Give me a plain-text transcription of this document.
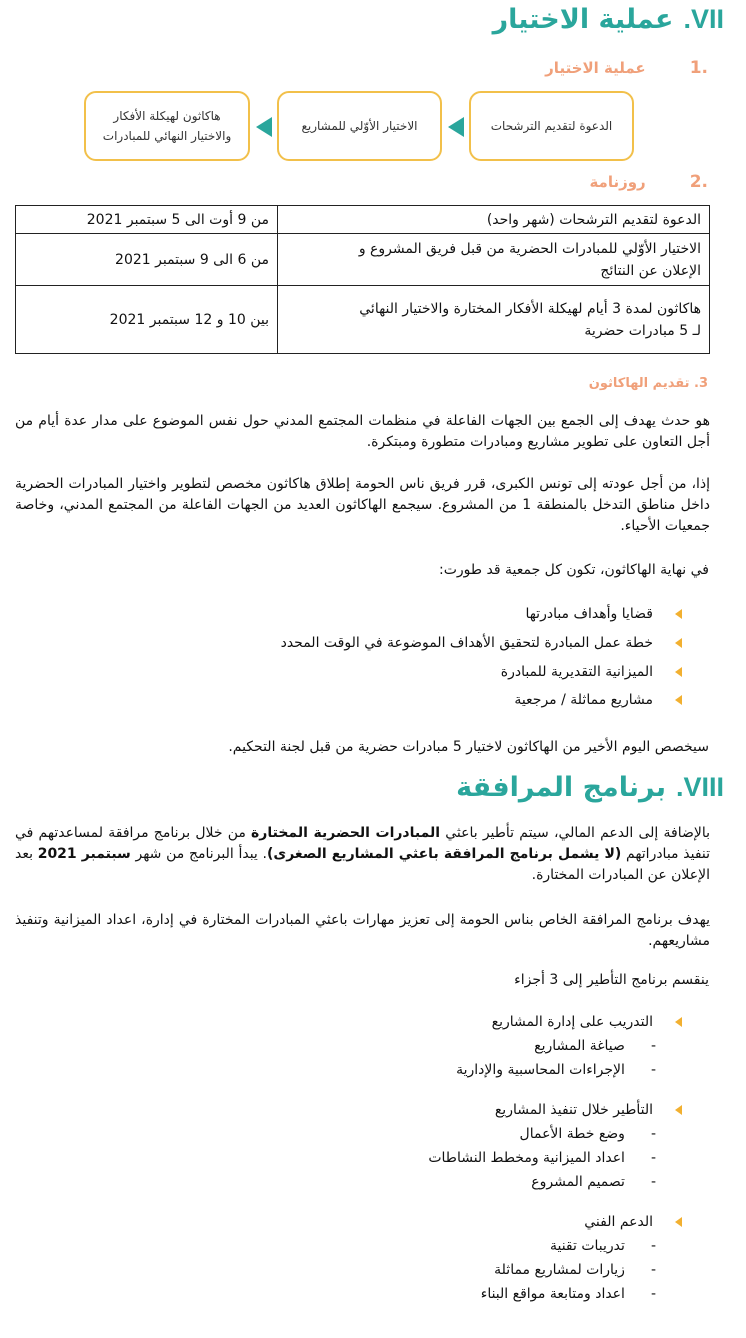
VII.عملية الاختيار
.1عملية الاختيار
الدعوة لتقديم الترشحات
الاختيار الأوّلي للمشاريع
هاكاثون لهيكلة الأفكار
والاختيار النهائي للمبادرات
.2روزنامة
الدعوة لتقديم الترشحات (شهر واحد)	من 9 أوت الى 5 سبتمبر 2021

الاختيار الأوّلي للمبادرات الحضرية من قبل فريق المشروع و
الإعلان عن النتائج	من 6 الى 9 سبتمبر 2021

هاكاثون لمدة 3 أيام لهيكلة الأفكار المختارة والاختيار النهائي
لـ 5 مبادرات حضرية	بين 10 و 12 سبتمبر 2021
3. تقديم الهاكاثون
هو حدث يهدف إلى الجمع بين الجهات الفاعلة في منظمات المجتمع المدني حول نفس الموضوع على مدار عدة أيام من أجل التعاون على تطوير مشاريع ومبادرات متطورة ومبتكرة.
إذا، من أجل عودته إلى تونس الكبرى، قرر فريق ناس الحومة إطلاق هاكاثون مخصص لتطوير واختيار المبادرات الحضرية داخل مناطق التدخل بالمنطقة 1 من المشروع. سيجمع الهاكاثون العديد من الجهات الفاعلة من المجتمع المدني، وخاصة جمعيات الأحياء.
في نهاية الهاكاثون، تكون كل جمعية قد طورت:
قضايا وأهداف مبادرتها
خطة عمل المبادرة لتحقيق الأهداف الموضوعة في الوقت المحدد
الميزانية التقديرية للمبادرة
مشاريع مماثلة / مرجعية
سيخصص اليوم الأخير من الهاكاثون لاختيار 5 مبادرات حضرية من قبل لجنة التحكيم.
VIII.برنامج المرافقة
بالإضافة إلى الدعم المالي، سيتم تأطير باعثي المبادرات الحضرية المختارة من خلال برنامج مرافقة لمساعدتهم في تنفيذ مبادراتهم (لا يشمل برنامج المرافقة باعثي المشاريع الصغرى). يبدأ البرنامج من شهر سبتمبر 2021 بعد الإعلان عن المبادرات المختارة.
يهدف برنامج المرافقة الخاص بناس الحومة إلى تعزيز مهارات باعثي المبادرات المختارة في إدارة، اعداد الميزانية وتنفيذ مشاريعهم.
ينقسم برنامج التأطير إلى 3 أجزاء
التدريب على إدارة المشاريع
-
صياغة المشاريع
-
الإجراءات المحاسبية والإدارية
التأطير خلال تنفيذ المشاريع
-
وضع خطة الأعمال
-
اعداد الميزانية ومخطط النشاطات
-
تصميم المشروع
الدعم الفني
-
تدريبات تقنية
-
زيارات لمشاريع مماثلة
-
اعداد ومتابعة مواقع البناء
